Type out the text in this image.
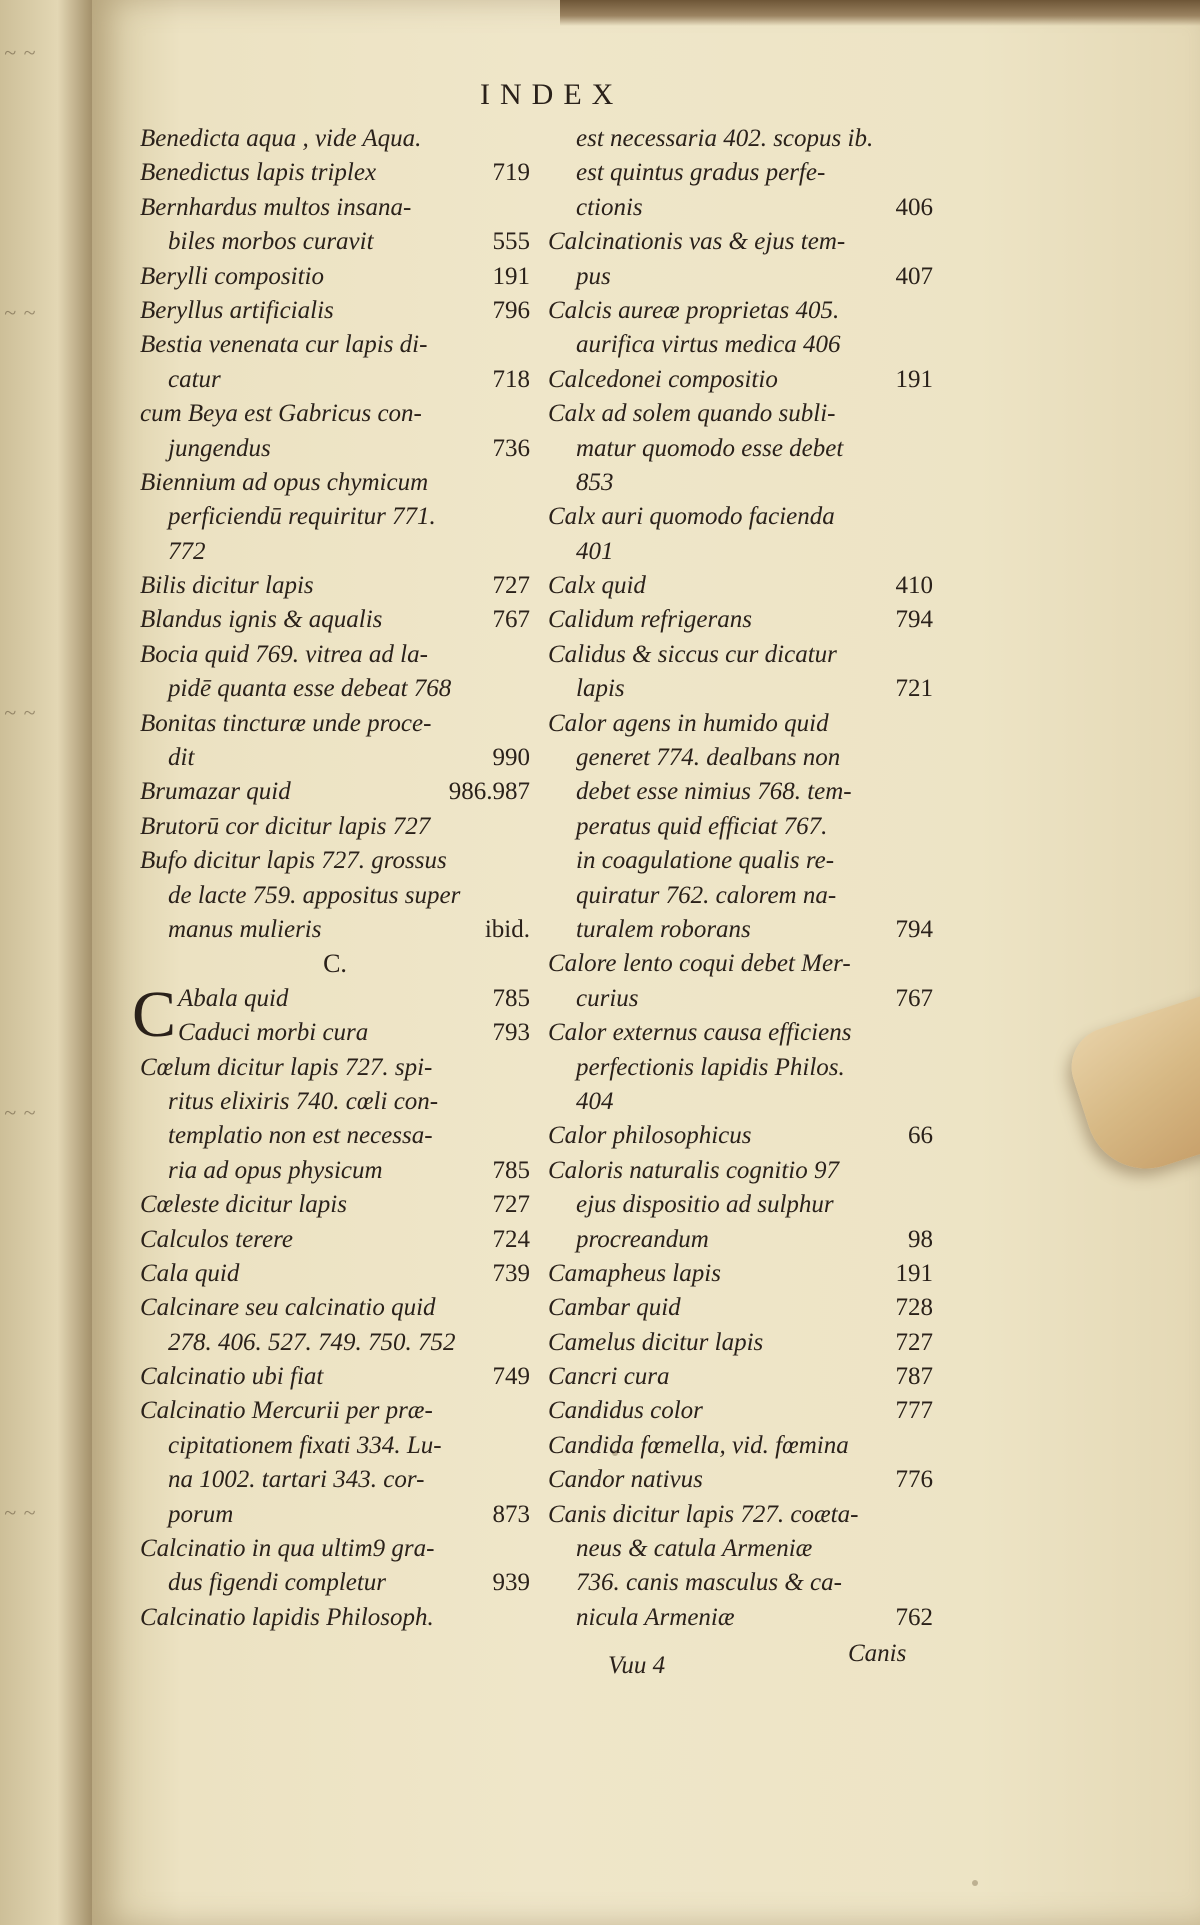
~ ~
~ ~
~ ~
~ ~
~ ~
INDEX
Benedicta aqua , vide Aqua.
Benedictus lapis triplex	719
Bernhardus multos insana-
biles morbos curavit	555
Berylli compositio	191
Beryllus artificialis	796
Bestia venenata cur lapis di-
catur	718
cum Beya est Gabricus con-
jungendus	736
Biennium ad opus chymicum
perficiendū requiritur 771.
772
Bilis dicitur lapis	727
Blandus ignis & aqualis	767
Bocia quid 769. vitrea ad la-
pidē quanta esse debeat 768
Bonitas tincturæ unde proce-
dit	990
Brumazar quid	986.987
Brutorū cor dicitur lapis 727
Bufo dicitur lapis 727. grossus
de lacte 759. appositus super
manus mulieris	ibid.
C.
C Abala quid	785
Caduci morbi cura	793
Cœlum dicitur lapis 727. spi-
ritus elixiris 740. cœli con-
templatio non est necessa-
ria ad opus physicum	785
Cœleste dicitur lapis	727
Calculos terere	724
Cala quid	739
Calcinare seu calcinatio quid
278. 406. 527. 749. 750. 752
Calcinatio ubi fiat	749
Calcinatio Mercurii per præ-
cipitationem fixati 334. Lu-
na 1002. tartari 343. cor-
porum	873
Calcinatio in qua ultim9 gra-
dus figendi completur	939
Calcinatio lapidis Philosoph.
est necessaria 402. scopus ib.
est quintus gradus perfe-
ctionis	406
Calcinationis vas & ejus tem-
pus	407
Calcis aureæ proprietas 405.
aurifica virtus medica 406
Calcedonei compositio	191
Calx ad solem quando subli-
matur quomodo esse debet
853
Calx auri quomodo facienda
401
Calx quid	410
Calidum refrigerans	794
Calidus & siccus cur dicatur
lapis	721
Calor agens in humido quid
generet 774. dealbans non
debet esse nimius 768. tem-
peratus quid efficiat 767.
in coagulatione qualis re-
quiratur 762. calorem na-
turalem roborans	794
Calore lento coqui debet Mer-
curius	767
Calor externus causa efficiens
perfectionis lapidis Philos.
404
Calor philosophicus	66
Caloris naturalis cognitio 97
ejus dispositio ad sulphur
procreandum	98
Camapheus lapis	191
Cambar quid	728
Camelus dicitur lapis	727
Cancri cura	787
Candidus color	777
Candida fœmella, vid. fœmina
Candor nativus	776
Canis dicitur lapis 727. coæta-
neus & catula Armeniæ
736. canis masculus & ca-
nicula Armeniæ	762
Vuu 4	Canis
